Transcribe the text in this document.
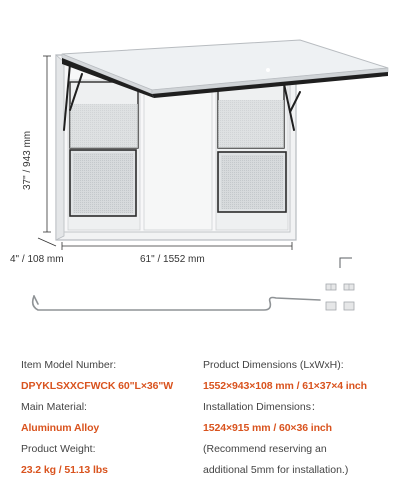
37" / 943 mm
4" / 108 mm	61" / 1552 mm
Item Model Number:
DPYKLSXXCFWCK 60"L×36"W
Main Material:
Aluminum Alloy
Product Weight:
23.2 kg / 51.13 lbs
Product Dimensions (LxWxH):
1552×943×108 mm / 61×37×4 inch
Installation Dimensions：
1524×915 mm / 60×36 inch
(Recommend reserving an
additional 5mm for installation.)
